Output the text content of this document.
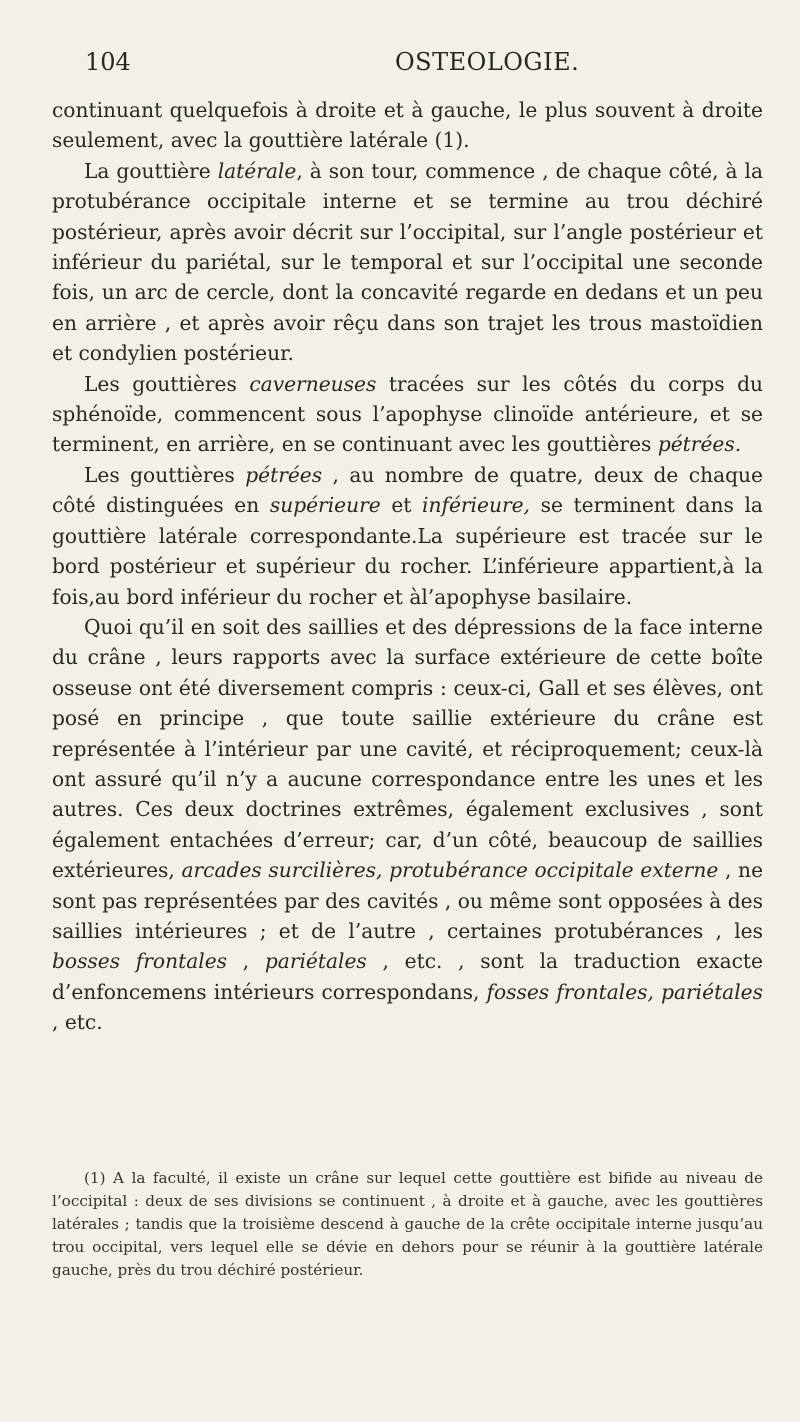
104	OSTEOLOGIE.

continuant quelquefois à droite et à gauche, le plus souvent à droite seulement, avec la gouttière latérale (1).

La gouttière latérale, à son tour, commence , de chaque côté, à la protubérance occipitale interne et se termine au trou déchiré postérieur, après avoir décrit sur l’occipital, sur l’angle postérieur et inférieur du pariétal, sur le temporal et sur l’occipital une seconde fois, un arc de cercle, dont la concavité regarde en dedans et un peu en arrière , et après avoir rêçu dans son trajet les trous mastoïdien et condylien postérieur.

Les gouttières caverneuses tracées sur les côtés du corps du sphénoïde, commencent sous l’apophyse clinoïde antérieure, et se terminent, en arrière, en se continuant avec les gouttières pétrées.

Les gouttières pétrées , au nombre de quatre, deux de chaque côté distinguées en supérieure et inférieure, se terminent dans la gouttière latérale correspondante.La supérieure est tracée sur le bord postérieur et supérieur du rocher. L’inférieure appartient,à la fois,au bord inférieur du rocher et àl’apophyse basilaire.

Quoi qu’il en soit des saillies et des dépressions de la face interne du crâne , leurs rapports avec la surface extérieure de cette boîte osseuse ont été diversement compris : ceux-ci, Gall et ses élèves, ont posé en principe , que toute saillie extérieure du crâne est représentée à l’intérieur par une cavité, et réciproquement; ceux-là ont assuré qu’il n’y a aucune correspondance entre les unes et les autres. Ces deux doctrines extrêmes, également exclusives , sont également entachées d’erreur; car, d’un côté, beaucoup de saillies extérieures, arcades surcilières, protubérance occipitale externe , ne sont pas représentées par des cavités , ou même sont opposées à des saillies intérieures ; et de l’autre , certaines protubérances , les bosses frontales , pariétales , etc. , sont la traduction exacte d’enfoncemens intérieurs correspondans, fosses frontales, pariétales , etc.

(1) A la faculté, il existe un crâne sur lequel cette gouttière est bifide au niveau de l’occipital : deux de ses divisions se continuent , à droite et à gauche, avec les gouttières latérales ; tandis que la troisième descend à gauche de la crête occipitale interne jusqu’au trou occipital, vers lequel elle se dévie en dehors pour se réunir à la gouttière latérale gauche, près du trou déchiré postérieur.
